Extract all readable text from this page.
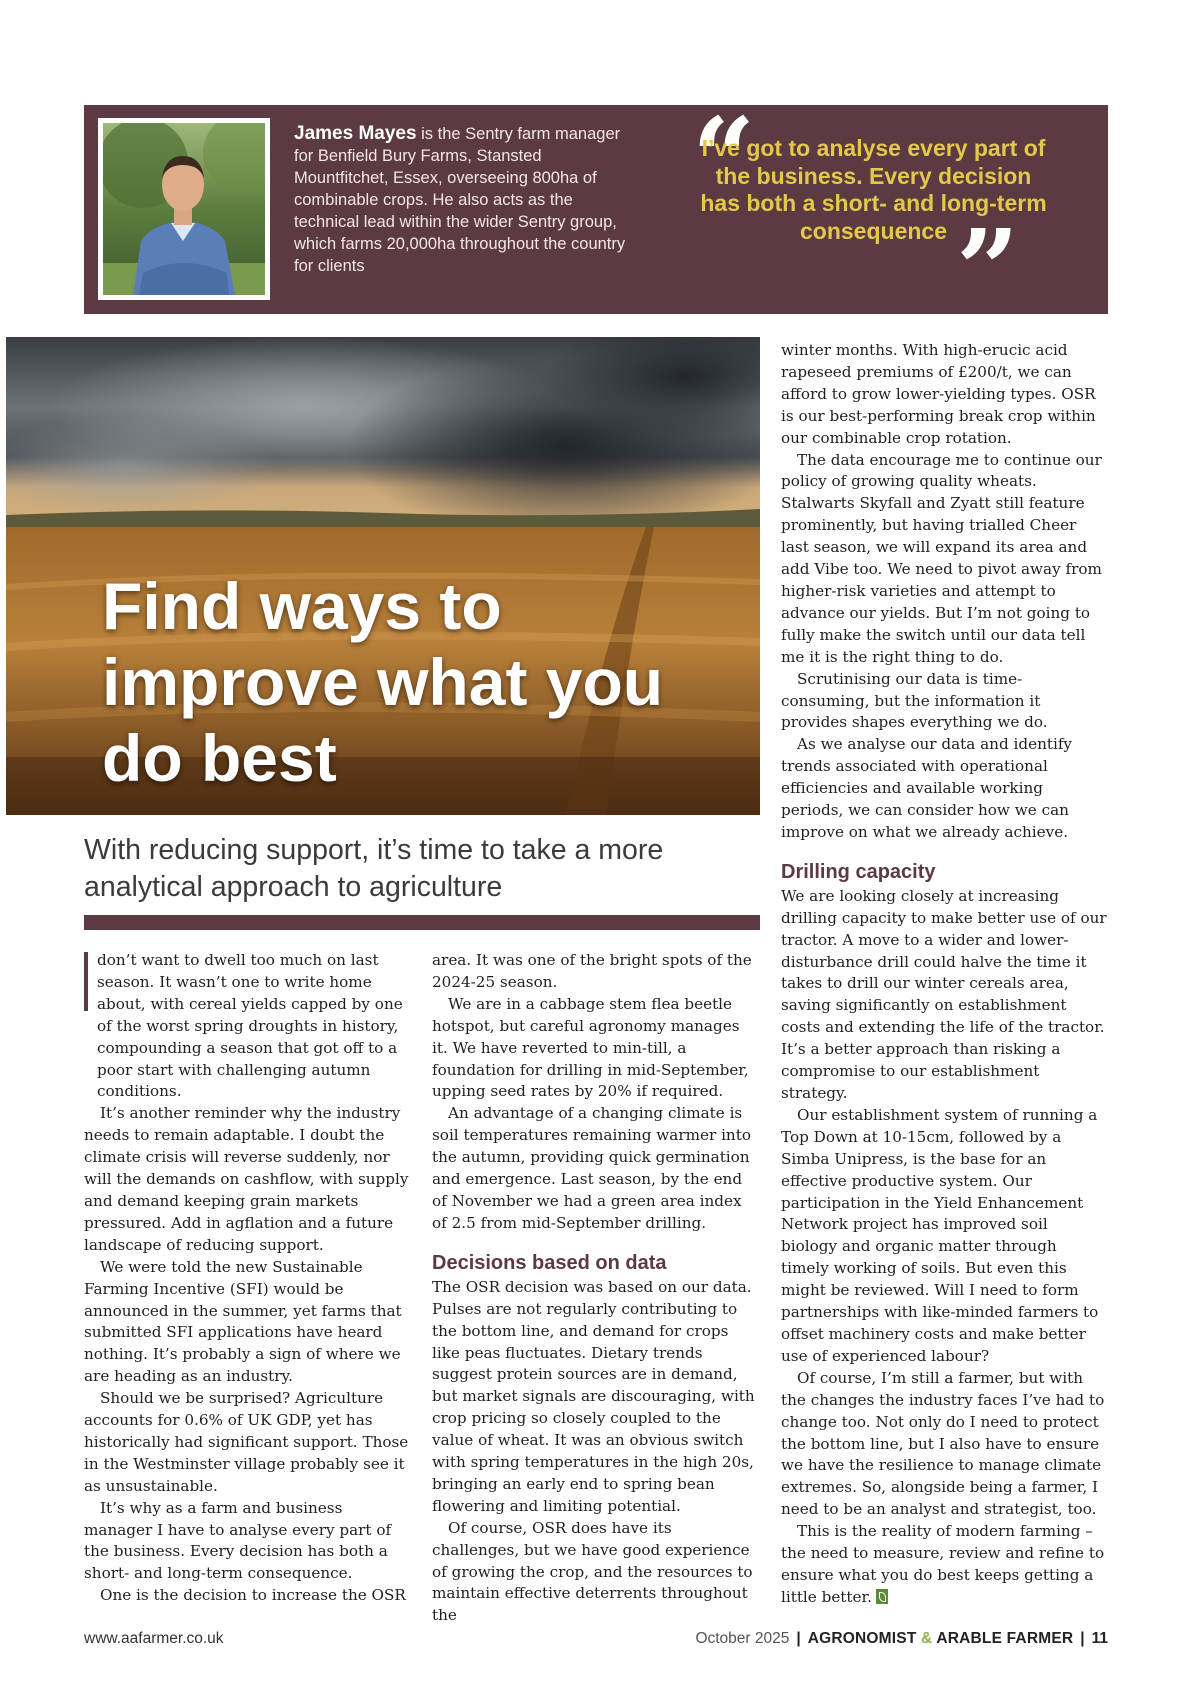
James Mayes is the Sentry farm manager for Benfield Bury Farms, Stansted Mountfitchet, Essex, overseeing 800ha of combinable crops. He also acts as the technical lead within the wider Sentry group, which farms 20,000ha throughout the country for clients
“
I’ve got to analyse every part of the business. Every decision has both a short- and long-term consequence ”
Find ways to improve what you do best
With reducing support, it’s time to take a more analytical approach to agriculture

don’t want to dwell too much on last season. It wasn’t one to write home about, with cereal yields capped by one of the worst spring droughts in history, compounding a season that got off to a poor start with challenging autumn conditions.

It’s another reminder why the industry needs to remain adaptable. I doubt the climate crisis will reverse suddenly, nor will the demands on cashflow, with supply and demand keeping grain markets pressured. Add in agflation and a future landscape of reducing support.

We were told the new Sustainable Farming Incentive (SFI) would be announced in the summer, yet farms that submitted SFI applications have heard nothing. It’s probably a sign of where we are heading as an industry.

Should we be surprised? Agriculture accounts for 0.6% of UK GDP, yet has historically had significant support. Those in the Westminster village probably see it as unsustainable.

It’s why as a farm and business manager I have to analyse every part of the business. Every decision has both a short- and long-term consequence.

One is the decision to increase the OSR

area. It was one of the bright spots of the 2024-25 season.

We are in a cabbage stem flea beetle hotspot, but careful agronomy manages it. We have reverted to min-till, a foundation for drilling in mid-September, upping seed rates by 20% if required.

An advantage of a changing climate is soil temperatures remaining warmer into the autumn, providing quick germination and emergence. Last season, by the end of November we had a green area index of 2.5 from mid-September drilling.

Decisions based on data

The OSR decision was based on our data. Pulses are not regularly contributing to the bottom line, and demand for crops like peas fluctuates. Dietary trends suggest protein sources are in demand, but market signals are discouraging, with crop pricing so closely coupled to the value of wheat. It was an obvious switch with spring temperatures in the high 20s, bringing an early end to spring bean flowering and limiting potential.

Of course, OSR does have its challenges, but we have good experience of growing the crop, and the resources to maintain effective deterrents throughout the

winter months. With high-erucic acid rapeseed premiums of £200/t, we can afford to grow lower-yielding types. OSR is our best-performing break crop within our combinable crop rotation.

The data encourage me to continue our policy of growing quality wheats. Stalwarts Skyfall and Zyatt still feature prominently, but having trialled Cheer last season, we will expand its area and add Vibe too. We need to pivot away from higher-risk varieties and attempt to advance our yields. But I’m not going to fully make the switch until our data tell me it is the right thing to do.

Scrutinising our data is time-consuming, but the information it provides shapes everything we do.

As we analyse our data and identify trends associated with operational efficiencies and available working periods, we can consider how we can improve on what we already achieve.

Drilling capacity

We are looking closely at increasing drilling capacity to make better use of our tractor. A move to a wider and lower-disturbance drill could halve the time it takes to drill our winter cereals area, saving significantly on establishment costs and extending the life of the tractor. It’s a better approach than risking a compromise to our establishment strategy.

Our establishment system of running a Top Down at 10-15cm, followed by a Simba Unipress, is the base for an effective productive system. Our participation in the Yield Enhancement Network project has improved soil biology and organic matter through timely working of soils. But even this might be reviewed. Will I need to form partnerships with like-minded farmers to offset machinery costs and make better use of experienced labour?

Of course, I’m still a farmer, but with the changes the industry faces I’ve had to change too. Not only do I need to protect the bottom line, but I also have to ensure we have the resilience to manage climate extremes. So, alongside being a farmer, I need to be an analyst and strategist, too.

This is the reality of modern farming – the need to measure, review and refine to ensure what you do best keeps getting a little better.

www.aafarmer.co.uk	October 2025 | AGRONOMIST & ARABLE FARMER | 11
